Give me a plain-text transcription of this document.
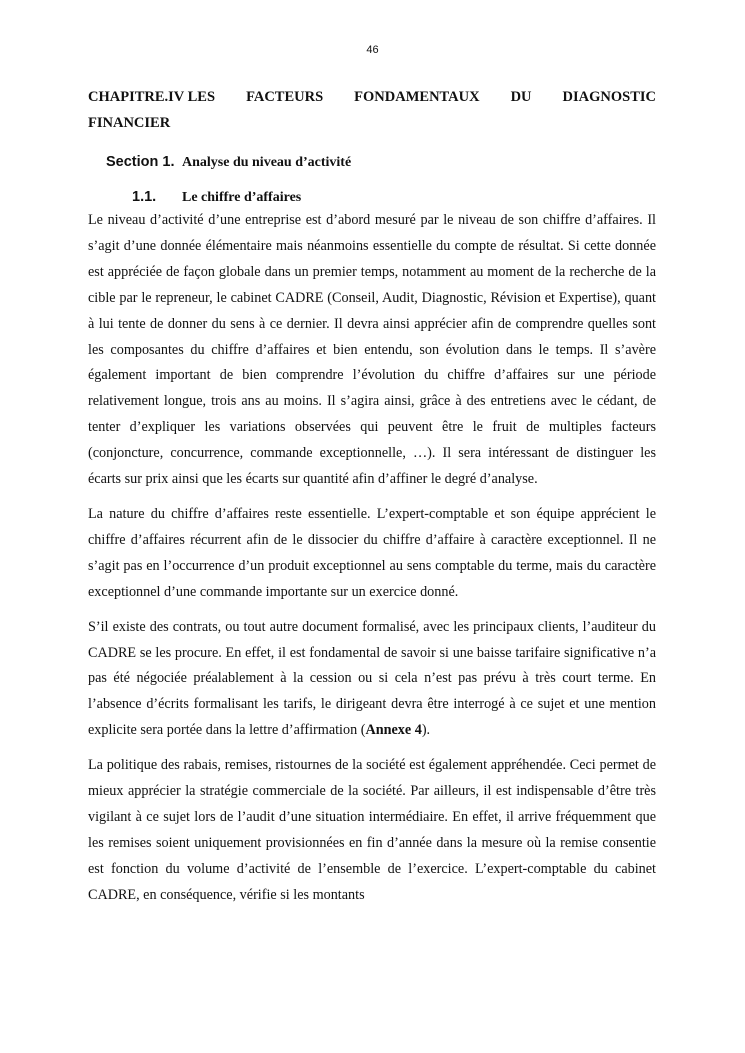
46
CHAPITRE.IV LES FACTEURS FONDAMENTAUX DU DIAGNOSTIC
FINANCIER
Section 1. Analyse du niveau d’activité
1.1. Le chiffre d’affaires

Le niveau d’activité d’une entreprise est d’abord mesuré par le niveau de son chiffre d’affaires. Il s’agit d’une donnée élémentaire mais néanmoins essentielle du compte de résultat. Si cette donnée est appréciée de façon globale dans un premier temps, notamment au moment de la recherche de la cible par le repreneur, le cabinet CADRE (Conseil, Audit, Diagnostic, Révision et Expertise), quant à lui tente de donner du sens à ce dernier. Il devra ainsi apprécier afin de comprendre quelles sont les composantes du chiffre d’affaires et bien entendu, son évolution dans le temps. Il s’avère également important de bien comprendre l’évolution du chiffre d’affaires sur une période relativement longue, trois ans au moins. Il s’agira ainsi, grâce à des entretiens avec le cédant, de tenter d’expliquer les variations observées qui peuvent être le fruit de multiples facteurs (conjoncture, concurrence, commande exceptionnelle, …). Il sera intéressant de distinguer les écarts sur prix ainsi que les écarts sur quantité afin d’affiner le degré d’analyse.

La nature du chiffre d’affaires reste essentielle. L’expert-comptable et son équipe apprécient le chiffre d’affaires récurrent afin de le dissocier du chiffre d’affaire à caractère exceptionnel. Il ne s’agit pas en l’occurrence d’un produit exceptionnel au sens comptable du terme, mais du caractère exceptionnel d’une commande importante sur un exercice donné.

S’il existe des contrats, ou tout autre document formalisé, avec les principaux clients, l’auditeur du CADRE se les procure. En effet, il est fondamental de savoir si une baisse tarifaire significative n’a pas été négociée préalablement à la cession ou si cela n’est pas prévu à très court terme. En l’absence d’écrits formalisant les tarifs, le dirigeant devra être interrogé à ce sujet et une mention explicite sera portée dans la lettre d’affirmation (Annexe 4).

La politique des rabais, remises, ristournes de la société est également appréhendée. Ceci permet de mieux apprécier la stratégie commerciale de la société. Par ailleurs, il est indispensable d’être très vigilant à ce sujet lors de l’audit d’une situation intermédiaire. En effet, il arrive fréquemment que les remises soient uniquement provisionnées en fin d’année dans la mesure où la remise consentie est fonction du volume d’activité de l’ensemble de l’exercice. L’expert-comptable du cabinet CADRE, en conséquence, vérifie si les montants
